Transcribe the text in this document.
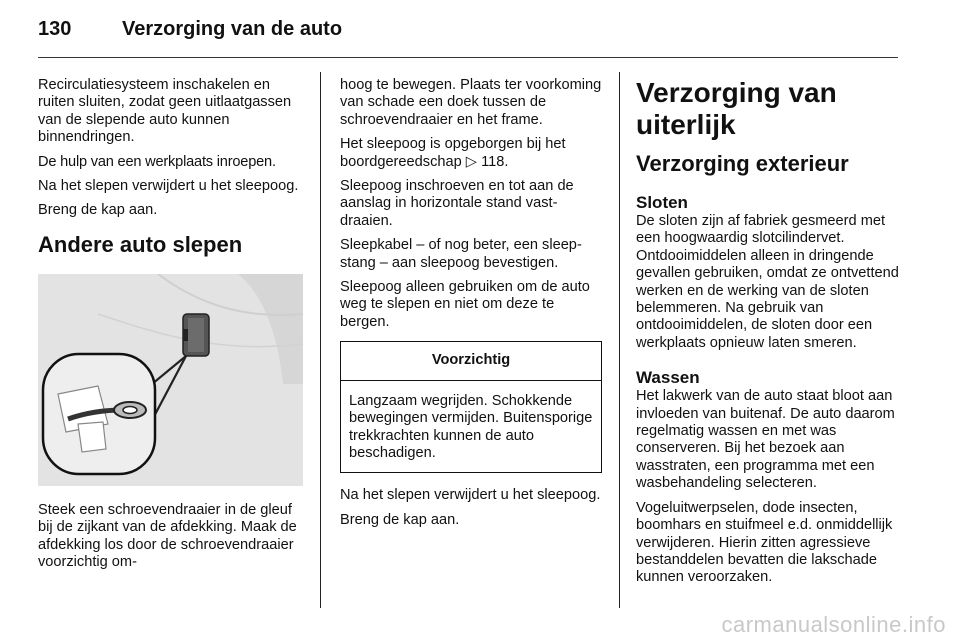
130	Verzorging van de auto

Recirculatiesysteem inschakelen en ruiten sluiten, zodat geen uitlaatgassen van de slepende auto kunnen binnendringen.

De hulp van een werkplaats inroepen.

Na het slepen verwijdert u het sleepoog.

Breng de kap aan.

Andere auto slepen

Steek een schroevendraaier in de gleuf bij de zijkant van de afdekking. Maak de afdekking los door de schroevendraaier voorzichtig om-

hoog te bewegen. Plaats ter voorkoming van schade een doek tussen de schroevendraaier en het frame.

Het sleepoog is opgeborgen bij het boordgereedschap ▷ 118.

Sleepoog inschroeven en tot aan de aanslag in horizontale stand vastdraaien.

Sleepkabel – of nog beter, een sleepstang – aan sleepoog bevestigen.

Sleepoog alleen gebruiken om de auto weg te slepen en niet om deze te bergen.

Voorzichtig
Langzaam wegrijden. Schokkende bewegingen vermijden. Buitensporige trekkrachten kunnen de auto beschadigen.

Na het slepen verwijdert u het sleepoog.

Breng de kap aan.

Verzorging van uiterlijk
Verzorging exterieur
Sloten

De sloten zijn af fabriek gesmeerd met een hoogwaardig slotcilindervet. Ontdooimiddelen alleen in dringende gevallen gebruiken, omdat ze ontvettend werken en de werking van de sloten belemmeren. Na gebruik van ontdooimiddelen, de sloten door een werkplaats opnieuw laten smeren.

Wassen

Het lakwerk van de auto staat bloot aan invloeden van buitenaf. De auto daarom regelmatig wassen en met was conserveren. Bij het bezoek aan wasstraten, een programma met een wasbehandeling selecteren.

Vogeluitwerpselen, dode insecten, boomhars en stuifmeel e.d. onmiddellijk verwijderen. Hierin zitten agressieve bestanddelen bevatten die lakschade kunnen veroorzaken.

carmanualsonline.info
